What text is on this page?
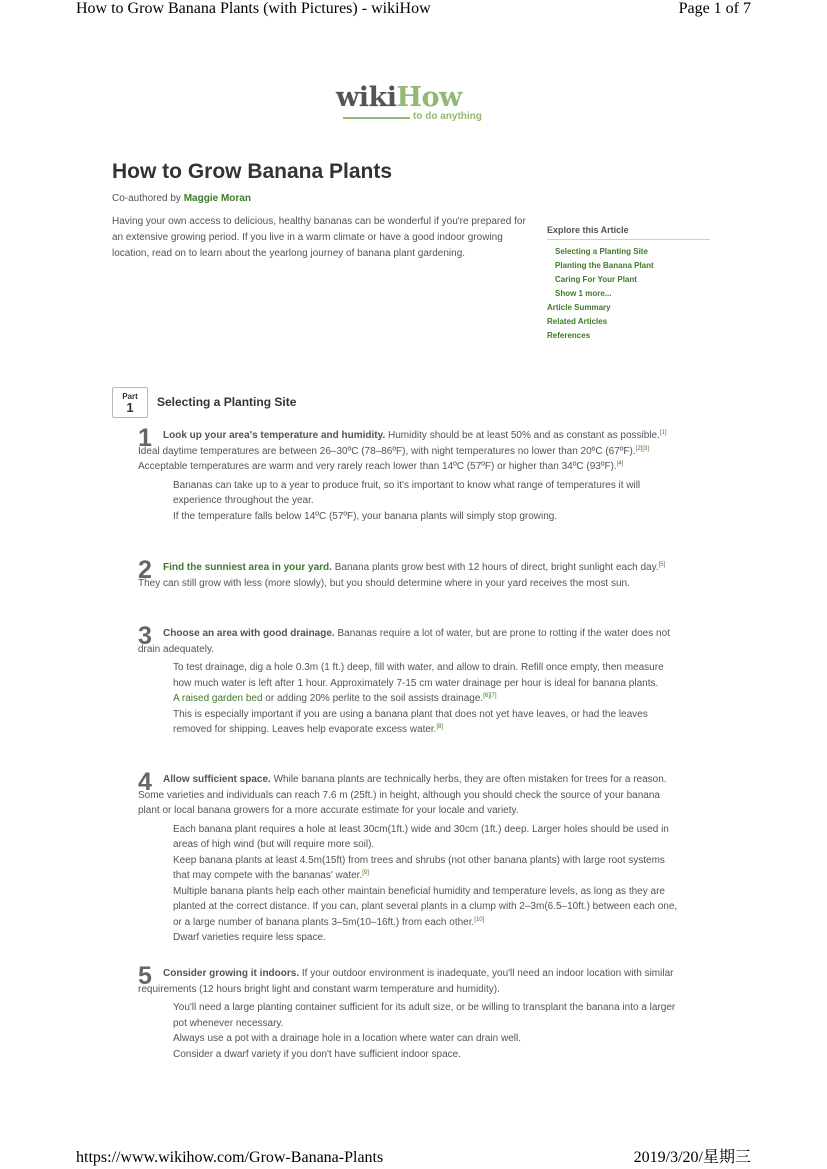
How to Grow Banana Plants (with Pictures) - wikiHow	Page 1 of 7
wikiHow
to do anything
How to Grow Banana Plants
Co-authored by Maggie Moran

Having your own access to delicious, healthy bananas can be wonderful if you're prepared for an extensive growing period. If you live in a warm climate or have a good indoor growing location, read on to learn about the yearlong journey of banana plant gardening.

Explore this Article
Selecting a Planting Site
Planting the Banana Plant
Caring For Your Plant
Show 1 more...
Article Summary
Related Articles
References
Part
1	Selecting a Planting Site
1	Look up your area's temperature and humidity. Humidity should be at least 50% and as constant as possible.[1] Ideal daytime temperatures are between 26–30ºC (78–86ºF), with night temperatures no lower than 20ºC (67ºF).[2][3] Acceptable temperatures are warm and very rarely reach lower than 14ºC (57ºF) or higher than 34ºC (93ºF).[4]

Bananas can take up to a year to produce fruit, so it's important to know what range of temperatures it will experience throughout the year.

If the temperature falls below 14ºC (57ºF), your banana plants will simply stop growing.

2	Find the sunniest area in your yard. Banana plants grow best with 12 hours of direct, bright sunlight each day.[5] They can still grow with less (more slowly), but you should determine where in your yard receives the most sun.

3	Choose an area with good drainage. Bananas require a lot of water, but are prone to rotting if the water does not drain adequately.

To test drainage, dig a hole 0.3m (1 ft.) deep, fill with water, and allow to drain. Refill once empty, then measure how much water is left after 1 hour. Approximately 7-15 cm water drainage per hour is ideal for banana plants.

A raised garden bed or adding 20% perlite to the soil assists drainage.[6][7]

This is especially important if you are using a banana plant that does not yet have leaves, or had the leaves removed for shipping. Leaves help evaporate excess water.[8]

4	Allow sufficient space. While banana plants are technically herbs, they are often mistaken for trees for a reason. Some varieties and individuals can reach 7.6 m (25ft.) in height, although you should check the source of your banana plant or local banana growers for a more accurate estimate for your locale and variety.

Each banana plant requires a hole at least 30cm(1ft.) wide and 30cm (1ft.) deep. Larger holes should be used in areas of high wind (but will require more soil).

Keep banana plants at least 4.5m(15ft) from trees and shrubs (not other banana plants) with large root systems that may compete with the bananas' water.[9]

Multiple banana plants help each other maintain beneficial humidity and temperature levels, as long as they are planted at the correct distance. If you can, plant several plants in a clump with 2–3m(6.5–10ft.) between each one, or a large number of banana plants 3–5m(10–16ft.) from each other.[10]

Dwarf varieties require less space.

5	Consider growing it indoors. If your outdoor environment is inadequate, you'll need an indoor location with similar requirements (12 hours bright light and constant warm temperature and humidity).

You'll need a large planting container sufficient for its adult size, or be willing to transplant the banana into a larger pot whenever necessary.

Always use a pot with a drainage hole in a location where water can drain well.

Consider a dwarf variety if you don't have sufficient indoor space.

https://www.wikihow.com/Grow-Banana-Plants	2019/3/20/星期三
